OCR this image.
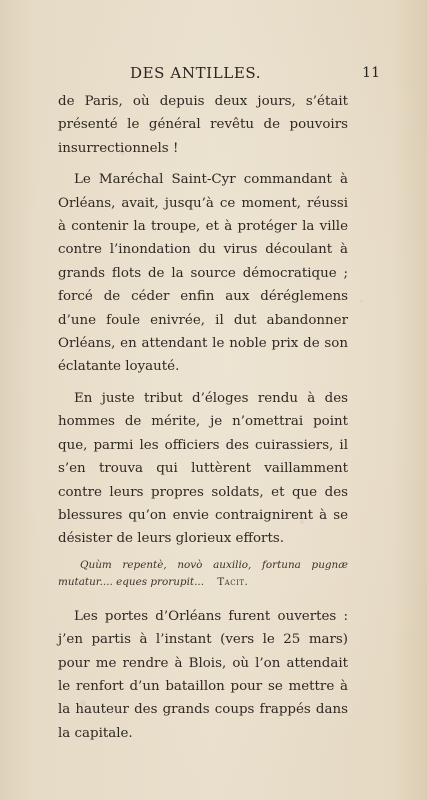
DES ANTILLES.	11

de Paris, où depuis deux jours, s’était présenté le général revêtu de pouvoirs insurrectionnels !

Le Maréchal Saint-Cyr commandant à Orléans, avait, jusqu’à ce moment, réussi à contenir la troupe, et à protéger la ville contre l’inondation du virus découlant à grands flots de la source démocratique ; forcé de céder enfin aux déréglemens d’une foule enivrée, il dut abandonner Orléans, en attendant le noble prix de son éclatante loyauté.

En juste tribut d’éloges rendu à des hommes de mérite, je n’omettrai point que, parmi les officiers des cuirassiers, il s’en trouva qui luttèrent vaillamment contre leurs propres soldats, et que des blessures qu’on envie contraignirent à se désister de leurs glorieux efforts.

Quùm repentè, novò auxilio, fortuna pugnæ mutatur.... eques prorupit... Tacit.

Les portes d’Orléans furent ouvertes : j’en partis à l’instant (vers le 25 mars) pour me rendre à Blois, où l’on attendait le renfort d’un bataillon pour se mettre à la hauteur des grands coups frappés dans la capitale.
